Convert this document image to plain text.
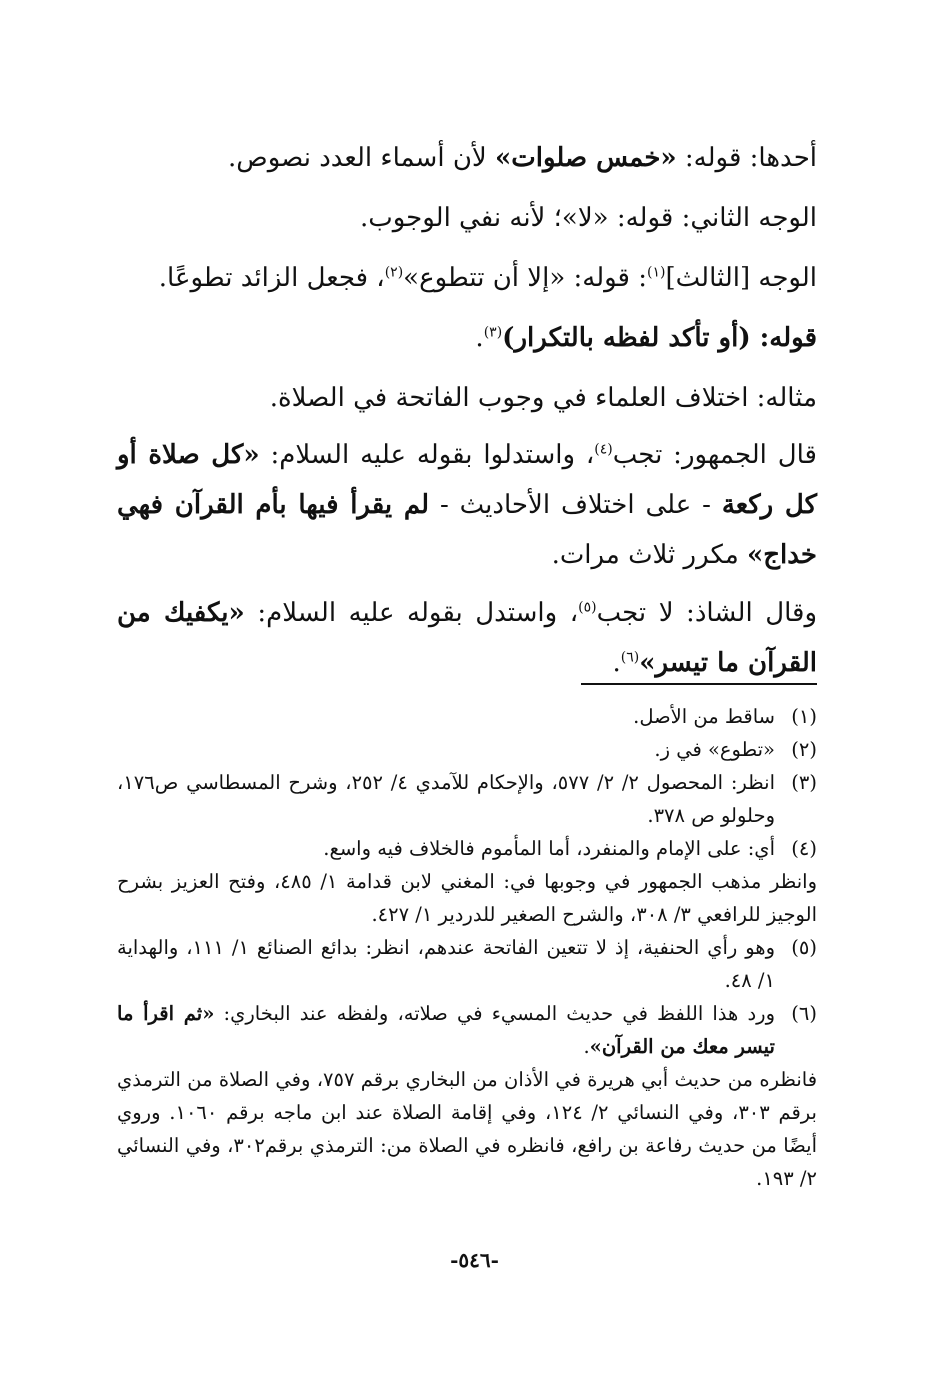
أحدها: قوله: «خمس صلوات» لأن أسماء العدد نصوص.

الوجه الثاني: قوله: «لا»؛ لأنه نفي الوجوب.

الوجه [الثالث]$^{(١)}$: قوله: «إلا أن تتطوع»$^{(٢)}$، فجعل الزائد تطوعًا.

قوله: (أو تأكد لفظه بالتكرار)$^{(٣)}$.

مثاله: اختلاف العلماء في وجوب الفاتحة في الصلاة.

قال الجمهور: تجب$^{(٤)}$، واستدلوا بقوله عليه السلام: «كل صلاة أو كل ركعة - على اختلاف الأحاديث - لم يقرأ فيها بأم القرآن فهي خداج» مكرر ثلاث مرات.

وقال الشاذ: لا تجب$^{(٥)}$، واستدل بقوله عليه السلام: «يكفيك من القرآن ما تيسر»$^{(٦)}$.

(١)
ساقط من الأصل.
(٢)
«تطوع» في ز.
(٣)
انظر: المحصول ٢/ ٢/ ٥٧٧، والإحكام للآمدي ٤/ ٢٥٢، وشرح المسطاسي ص١٧٦، وحلولو ص ٣٧٨.
(٤)
أي: على الإمام والمنفرد، أما المأموم فالخلاف فيه واسع.

وانظر مذهب الجمهور في وجوبها في: المغني لابن قدامة ١/ ٤٨٥، وفتح العزيز بشرح الوجيز للرافعي ٣/ ٣٠٨، والشرح الصغير للدردير ١/ ٤٢٧.

(٥)
وهو رأي الحنفية، إذ لا تتعين الفاتحة عندهم، انظر: بدائع الصنائع ١/ ١١١، والهداية ١/ ٤٨.
(٦)
ورد هذا اللفظ في حديث المسيء في صلاته، ولفظه عند البخاري: «ثم اقرأ ما تيسر معك من القرآن».

فانظره من حديث أبي هريرة في الأذان من البخاري برقم ٧٥٧، وفي الصلاة من الترمذي برقم ٣٠٣، وفي النسائي ٢/ ١٢٤، وفي إقامة الصلاة عند ابن ماجه برقم ١٠٦٠. وروي أيضًا من حديث رفاعة بن رافع، فانظره في الصلاة من: الترمذي برقم٣٠٢، وفي النسائي ٢/ ١٩٣.

-٥٤٦-
